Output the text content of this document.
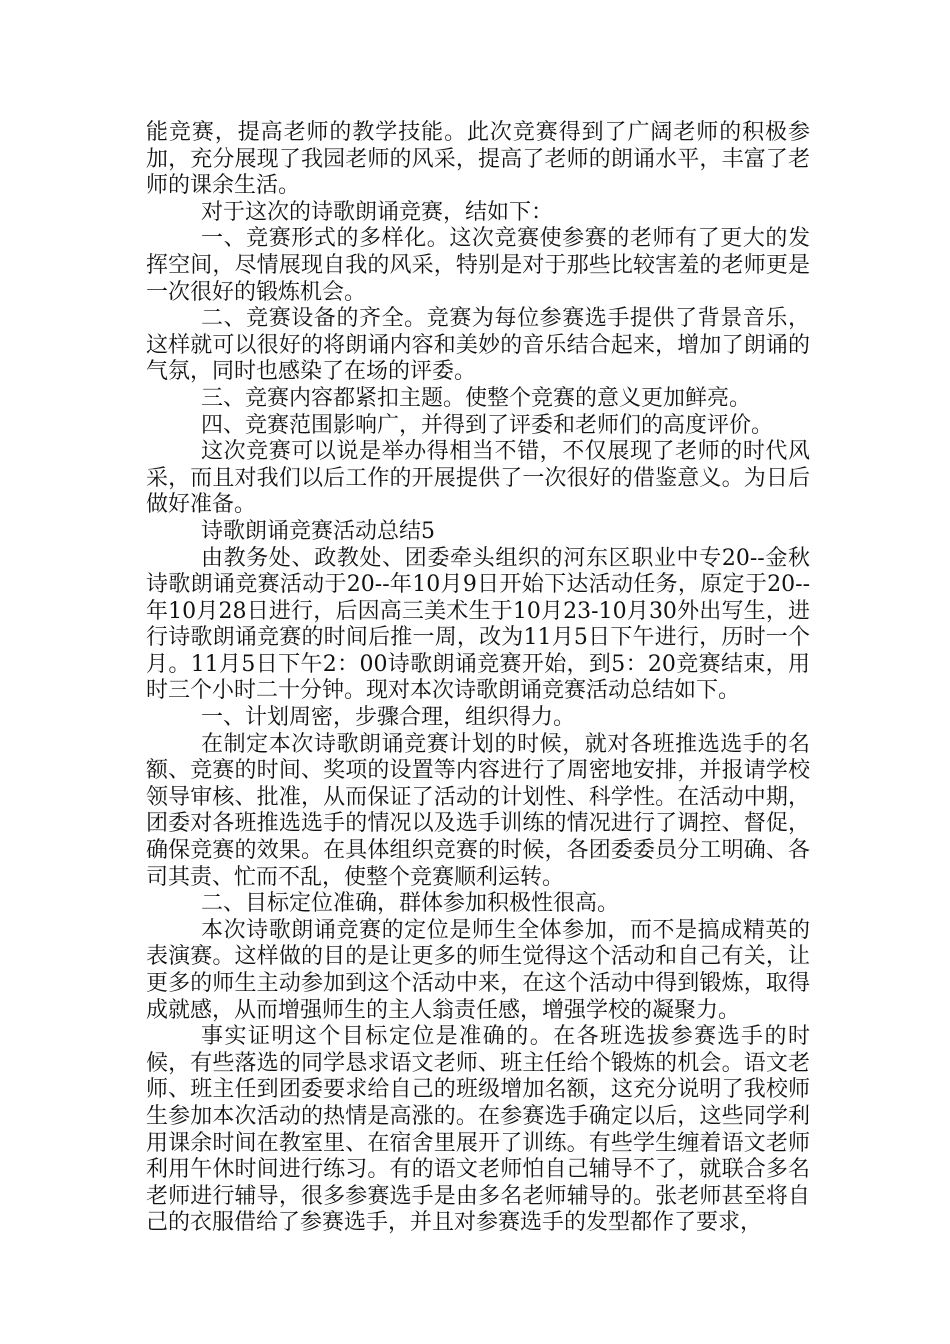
能竞赛，提高老师的教学技能。此次竞赛得到了广阔老师的积极参加，充分展现了我园老师的风采，提高了老师的朗诵水平，丰富了老师的课余生活。

对于这次的诗歌朗诵竞赛，结如下：

一、竞赛形式的多样化。这次竞赛使参赛的老师有了更大的发挥空间，尽情展现自我的风采，特别是对于那些比较害羞的老师更是一次很好的锻炼机会。

二、竞赛设备的齐全。竞赛为每位参赛选手提供了背景音乐，这样就可以很好的将朗诵内容和美妙的音乐结合起来，增加了朗诵的气氛，同时也感染了在场的评委。

三、竞赛内容都紧扣主题。使整个竞赛的意义更加鲜亮。

四、竞赛范围影响广，并得到了评委和老师们的高度评价。

这次竞赛可以说是举办得相当不错，不仅展现了老师的时代风采，而且对我们以后工作的开展提供了一次很好的借鉴意义。为日后做好准备。

诗歌朗诵竞赛活动总结5

由教务处、政教处、团委牵头组织的河东区职业中专20--金秋诗歌朗诵竞赛活动于20--年10月9日开始下达活动任务，原定于20--年10月28日进行，后因高三美术生于10月23-10月30外出写生，进行诗歌朗诵竞赛的时间后推一周，改为11月5日下午进行，历时一个月。11月5日下午2：00诗歌朗诵竞赛开始，到5：20竞赛结束，用时三个小时二十分钟。现对本次诗歌朗诵竞赛活动总结如下。

一、计划周密，步骤合理，组织得力。

在制定本次诗歌朗诵竞赛计划的时候，就对各班推选选手的名额、竞赛的时间、奖项的设置等内容进行了周密地安排，并报请学校领导审核、批准，从而保证了活动的计划性、科学性。在活动中期，团委对各班推选选手的情况以及选手训练的情况进行了调控、督促，确保竞赛的效果。在具体组织竞赛的时候，各团委委员分工明确、各司其责、忙而不乱，使整个竞赛顺利运转。

二、目标定位准确，群体参加积极性很高。

本次诗歌朗诵竞赛的定位是师生全体参加，而不是搞成精英的表演赛。这样做的目的是让更多的师生觉得这个活动和自己有关，让更多的师生主动参加到这个活动中来，在这个活动中得到锻炼，取得成就感，从而增强师生的主人翁责任感，增强学校的凝聚力。

事实证明这个目标定位是准确的。在各班选拔参赛选手的时候，有些落选的同学恳求语文老师、班主任给个锻炼的机会。语文老师、班主任到团委要求给自己的班级增加名额，这充分说明了我校师生参加本次活动的热情是高涨的。在参赛选手确定以后，这些同学利用课余时间在教室里、在宿舍里展开了训练。有些学生缠着语文老师利用午休时间进行练习。有的语文老师怕自己辅导不了，就联合多名老师进行辅导，很多参赛选手是由多名老师辅导的。张老师甚至将自己的衣服借给了参赛选手，并且对参赛选手的发型都作了要求，
